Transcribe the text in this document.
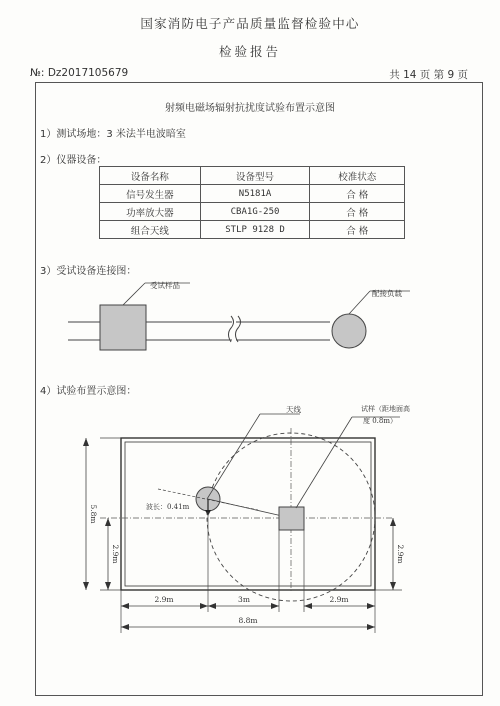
国家消防电子产品质量监督检验中心
检验报告
№: Dz2017105679	共 14 页 第 9 页
射频电磁场辐射抗扰度试验布置示意图
1）测试场地：3 米法半电波暗室
2）仪器设备：
设备名称	设备型号	校准状态
信号发生器	N5181A	合 格
功率放大器	CBA1G-250	合 格
组合天线	STLP 9128 D	合 格
3）受试设备连接图：
受试样品
配接负载
天线
波长：0.41m
试样（距地面高
度 0.8m）
5.8m
2.9m	2.9m
2.9m	3m	2.9m
8.8m
4）试验布置示意图：
